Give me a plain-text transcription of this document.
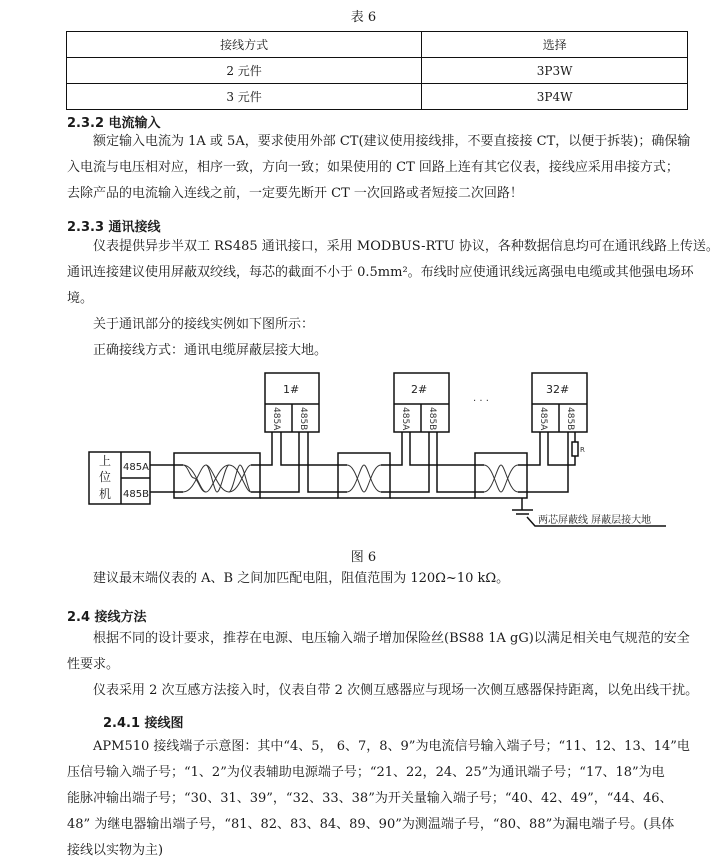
表 6
接线方式	选择
2 元件	3P3W
3 元件	3P4W
2.3.2 电流输入
额定输入电流为 1A 或 5A，要求使用外部 CT(建议使用接线排，不要直接接 CT，以便于拆装)；确保输
入电流与电压相对应，相序一致，方向一致；如果使用的 CT 回路上连有其它仪表，接线应采用串接方式；
去除产品的电流输入连线之前，一定要先断开 CT 一次回路或者短接二次回路！
2.3.3 通讯接线
仪表提供异步半双工 RS485 通讯接口，采用 MODBUS-RTU 协议，各种数据信息均可在通讯线路上传送。
通讯连接建议使用屏蔽双绞线，每芯的截面不小于 0.5mm²。布线时应使通讯线远离强电电缆或其他强电场环
境。
关于通讯部分的接线实例如下图所示：
正确接线方式：通讯电缆屏蔽层接大地。
上
位
机
485A
485B
1#	2#	32#
485A 485B	485A 485B	485A 485B
. . .
R
两芯屏蔽线 屏蔽层接大地
图 6
建议最末端仪表的 A、B 之间加匹配电阻，阻值范围为 120Ω~10 kΩ。
2.4 接线方法
根据不同的设计要求，推荐在电源、电压输入端子增加保险丝(BS88 1A gG)以满足相关电气规范的安全
性要求。
仪表采用 2 次互感方法接入时，仪表自带 2 次侧互感器应与现场一次侧互感器保持距离，以免出线干扰。
2.4.1 接线图
APM510 接线端子示意图：其中“4、5， 6、7，8、9”为电流信号输入端子号；“11、12、13、14”电
压信号输入端子号；“1、2”为仪表辅助电源端子号；“21、22，24、25”为通讯端子号；“17、18”为电
能脉冲输出端子号；“30、31、39”，“32、33、38”为开关量输入端子号；“40、42、49”，“44、46、
48” 为继电器输出端子号，“81、82、83、84、89、90”为测温端子号，“80、88”为漏电端子号。(具体
接线以实物为主)
